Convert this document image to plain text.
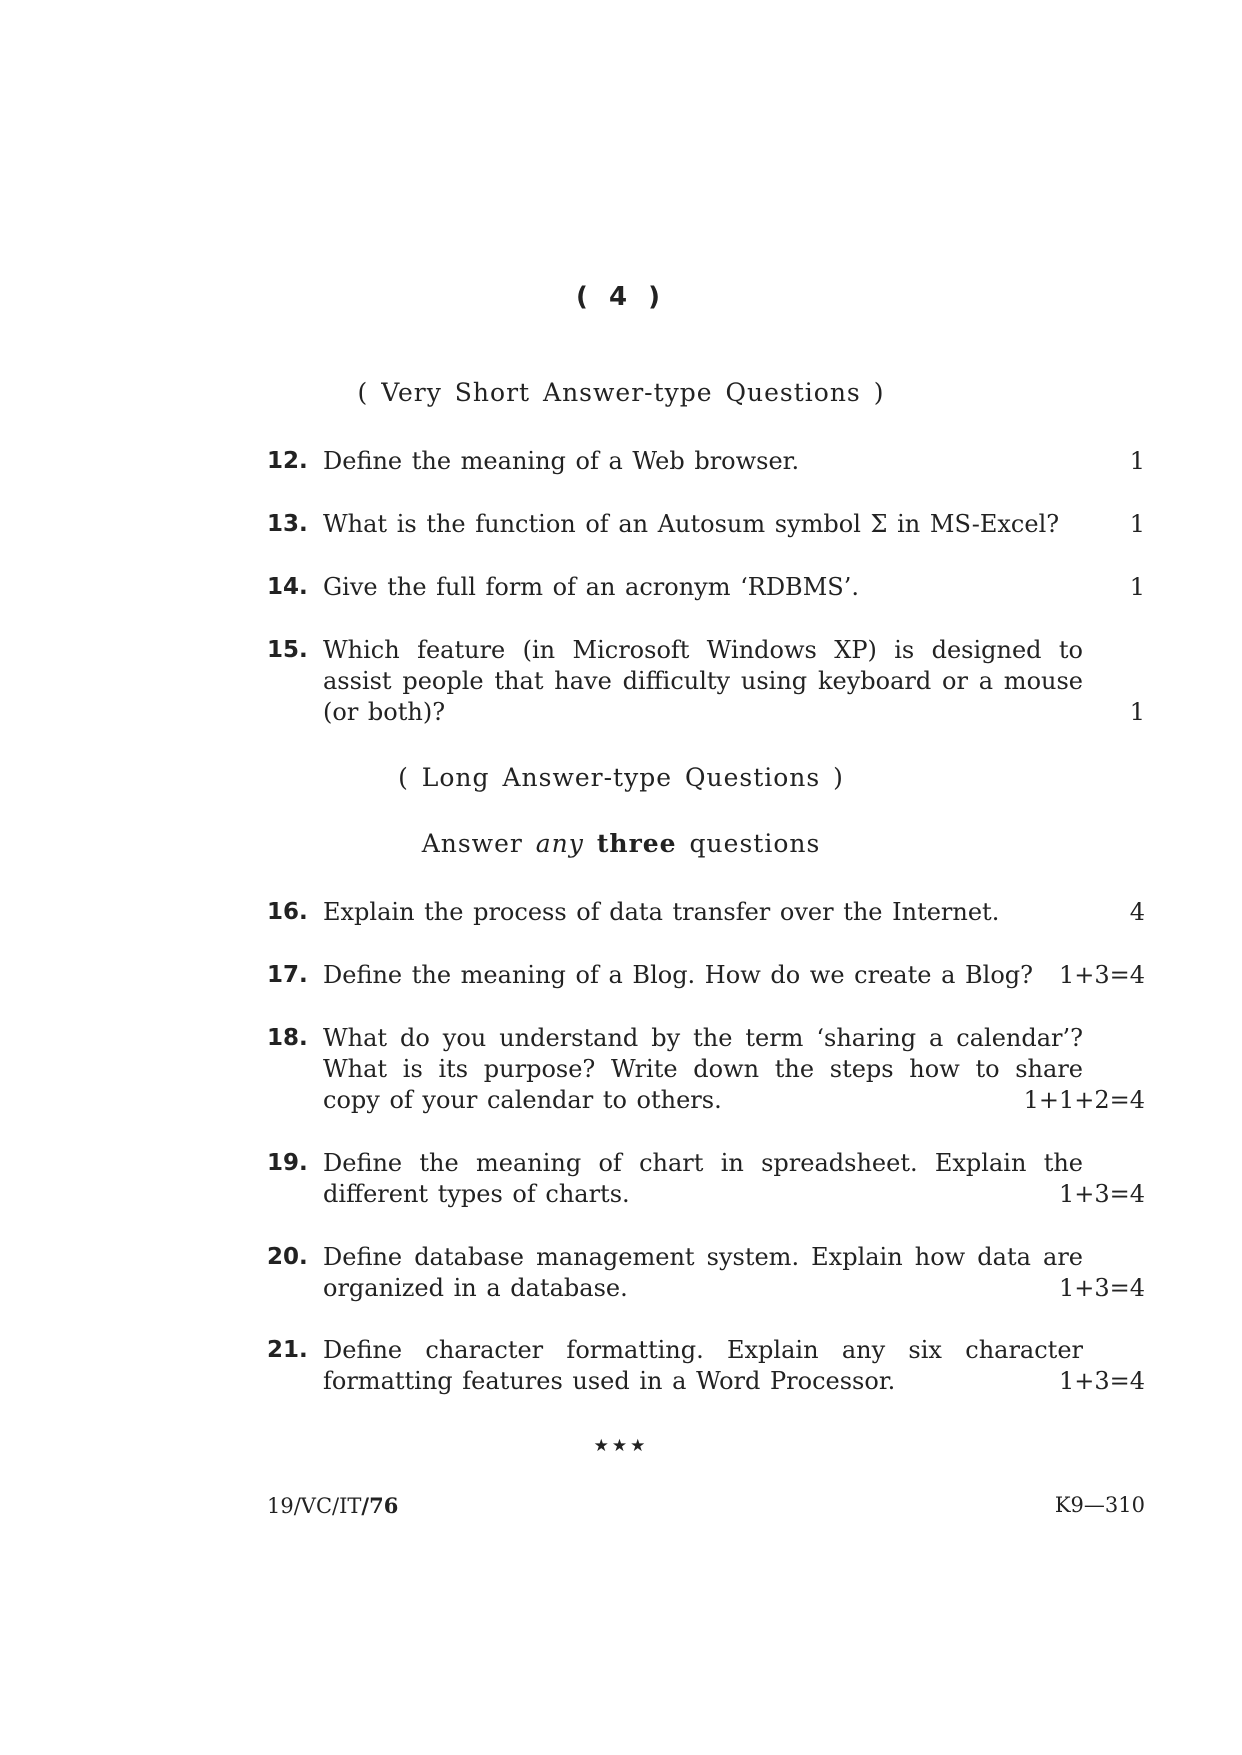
( 4 )
( Very Short Answer-type Questions )
12. Define the meaning of a Web browser.	1
13. What is the function of an Autosum symbol Σ in MS-Excel?	1
14. Give the full form of an acronym ‘RDBMS’.	1
15. Which feature (in Microsoft Windows XP) is designed to assist people that have difficulty using keyboard or a mouse (or both)?	1
( Long Answer-type Questions )
Answer any three questions
16. Explain the process of data transfer over the Internet.	4
17. Define the meaning of a Blog. How do we create a Blog? 1+3=4
18. What do you understand by the term ‘sharing a calendar’? What is its purpose? Write down the steps how to share copy of your calendar to others.	1+1+2=4
19. Define the meaning of chart in spreadsheet. Explain the different types of charts.	1+3=4
20. Define database management system. Explain how data are organized in a database.	1+3=4
21. Define character formatting. Explain any six character formatting features used in a Word Processor.	1+3=4
★★★
19/VC/IT/76	K9—310
